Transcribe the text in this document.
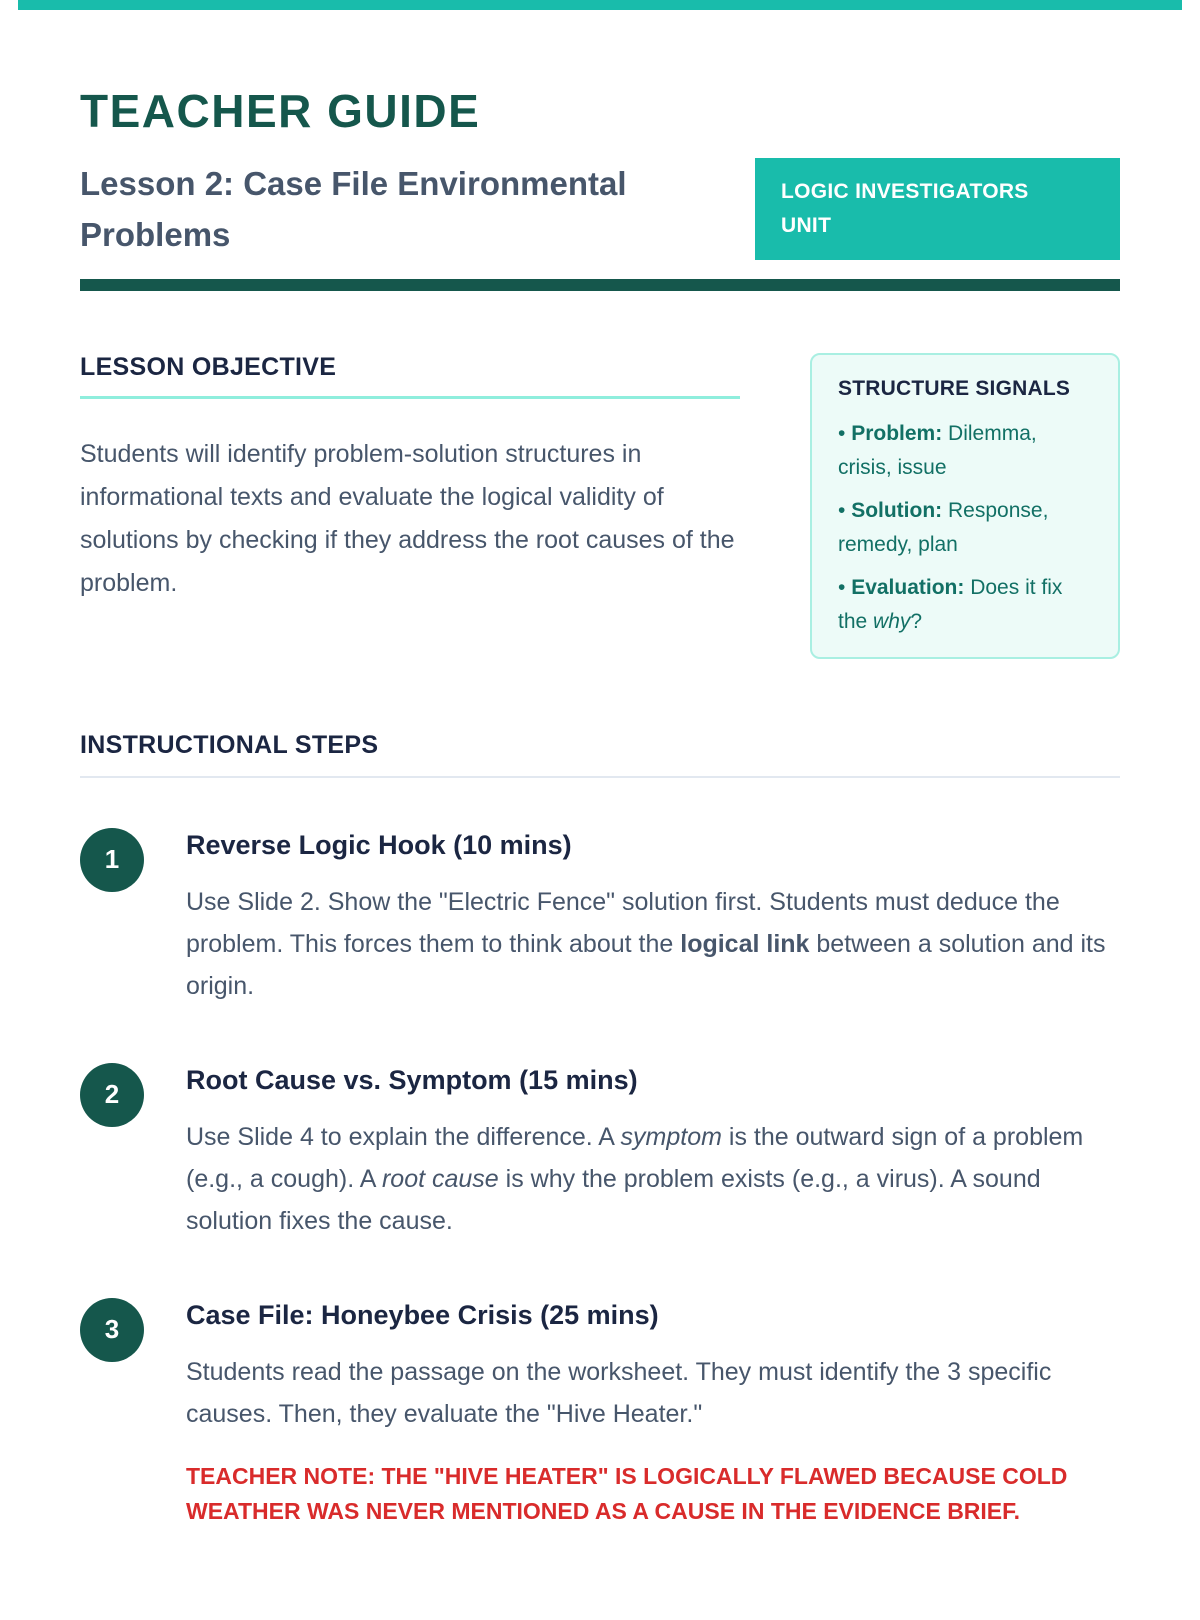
TEACHER GUIDE
Lesson 2: Case File Environmental Problems
LOGIC INVESTIGATORS
UNIT
LESSON OBJECTIVE

Students will identify problem-solution structures in informational texts and evaluate the logical validity of solutions by checking if they address the root causes of the problem.

STRUCTURE SIGNALS

• Problem: Dilemma, crisis, issue

• Solution: Response, remedy, plan

• Evaluation: Does it fix the why?

INSTRUCTIONAL STEPS
1	Reverse Logic Hook (10 mins)

Use Slide 2. Show the "Electric Fence" solution first. Students must deduce the problem. This forces them to think about the logical link between a solution and its origin.

2	Root Cause vs. Symptom (15 mins)

Use Slide 4 to explain the difference. A symptom is the outward sign of a problem (e.g., a cough). A root cause is why the problem exists (e.g., a virus). A sound solution fixes the cause.

3	Case File: Honeybee Crisis (25 mins)

Students read the passage on the worksheet. They must identify the 3 specific causes. Then, they evaluate the "Hive Heater."

TEACHER NOTE: THE "HIVE HEATER" IS LOGICALLY FLAWED BECAUSE COLD WEATHER WAS NEVER MENTIONED AS A CAUSE IN THE EVIDENCE BRIEF.
